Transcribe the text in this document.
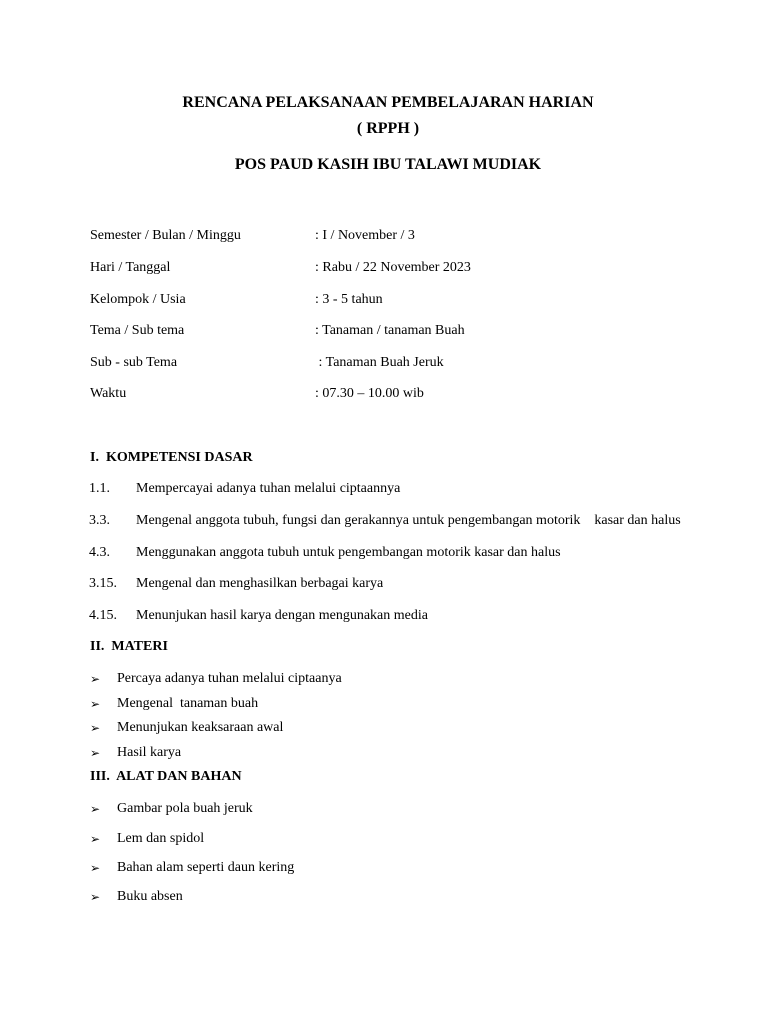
RENCANA PELAKSANAAN PEMBELAJARAN HARIAN
( RPPH )
POS PAUD KASIH IBU TALAWI MUDIAK
Semester / Bulan / Minggu	: I / November / 3
Hari / Tanggal	: Rabu / 22 November 2023
Kelompok / Usia	: 3 - 5 tahun
Tema / Sub tema	: Tanaman / tanaman Buah
Sub - sub Tema	: Tanaman Buah Jeruk
Waktu	: 07.30 – 10.00 wib
I.  KOMPETENSI DASAR
1.1. Mempercayai adanya tuhan melalui ciptaannya
3.3. Mengenal anggota tubuh, fungsi dan gerakannya untuk pengembangan motorik    kasar dan halus
4.3. Menggunakan anggota tubuh untuk pengembangan motorik kasar dan halus
3.15. Mengenal dan menghasilkan berbagai karya
4.15. Menunjukan hasil karya dengan mengunakan media
II.  MATERI
➢ Percaya adanya tuhan melalui ciptaanya
➢ Mengenal  tanaman buah
➢ Menunjukan keaksaraan awal
➢ Hasil karya
III.  ALAT DAN BAHAN
➢ Gambar pola buah jeruk
➢ Lem dan spidol
➢ Bahan alam seperti daun kering
➢ Buku absen
